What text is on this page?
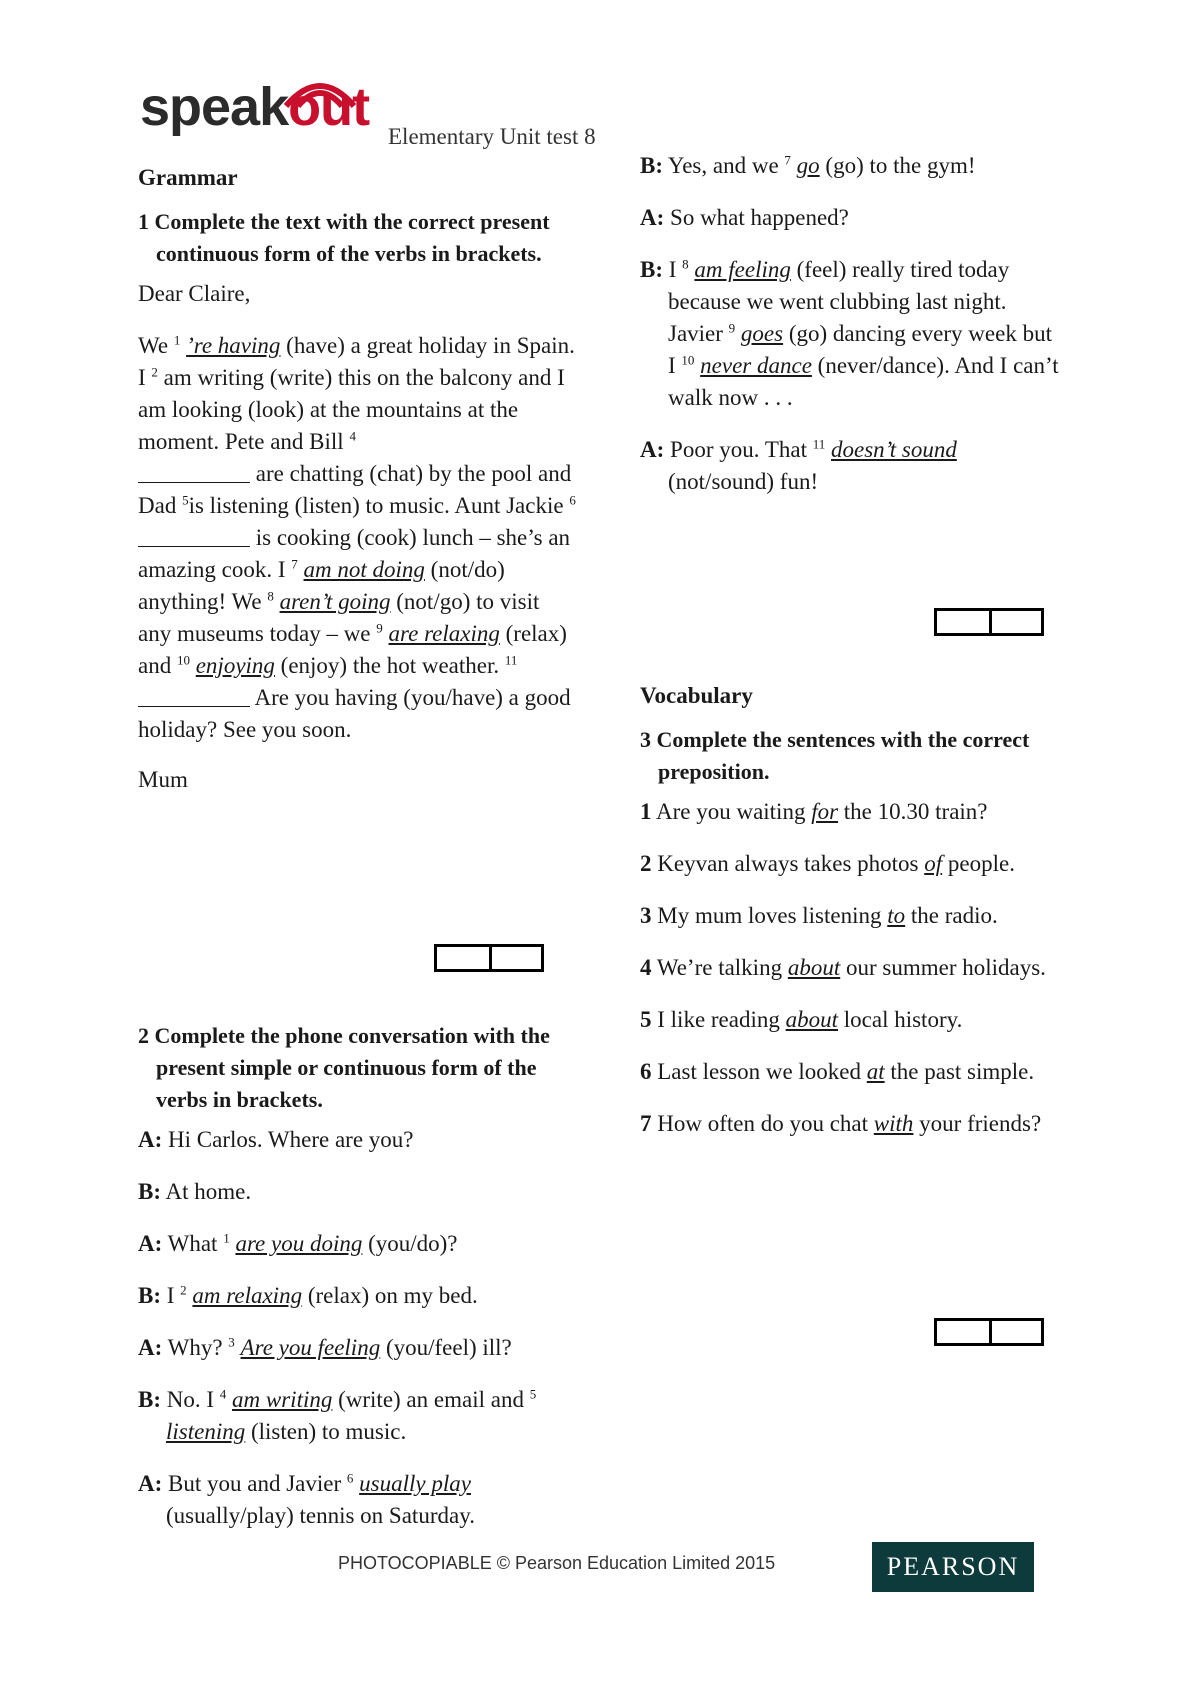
speakout Elementary Unit test 8
Grammar
1 Complete the text with the correct present continuous form of the verbs in brackets.

Dear Claire,

We $^1$ ’re having (have) a great holiday in Spain. I $^2$ am writing (write) this on the balcony and I am looking (look) at the mountains at the moment. Pete and Bill $^4$
are chatting (chat) by the pool and Dad $^5$is listening (listen) to music. Aunt Jackie $^6$  is cooking (cook) lunch – she’s an amazing cook. I $^7$ am not doing (not/do) anything! We $^8$ aren’t going (not/go) to visit any museums today – we $^9$ are relaxing (relax) and $^{10}$ enjoying (enjoy) the hot weather. $^{11}$  Are you having (you/have) a good holiday? See you soon.

Mum

2 Complete the phone conversation with the present simple or continuous form of the verbs in brackets.
A: Hi Carlos. Where are you?
B: At home.
A: What $^1$ are you doing (you/do)?
B: I $^2$ am relaxing (relax) on my bed.
A: Why? $^3$ Are you feeling (you/feel) ill?
B: No. I $^4$ am writing (write) an email and $^5$ listening (listen) to music.
A: But you and Javier $^6$ usually play (usually/play) tennis on Saturday.
B: Yes, and we $^7$ go (go) to the gym!
A: So what happened?
B: I $^8$ am feeling (feel) really tired today because we went clubbing last night. Javier $^9$ goes (go) dancing every week but I $^{10}$ never dance (never/dance). And I can’t walk now . . .
A: Poor you. That $^{11}$ doesn’t sound (not/sound) fun!
Vocabulary
3 Complete the sentences with the correct preposition.
1 Are you waiting for the 10.30 train?
2 Keyvan always takes photos of people.
3 My mum loves listening to the radio.
4 We’re talking about our summer holidays.
5 I like reading about local history.
6 Last lesson we looked at the past simple.
7 How often do you chat with your friends?
PHOTOCOPIABLE © Pearson Education Limited 2015	PEARSON
